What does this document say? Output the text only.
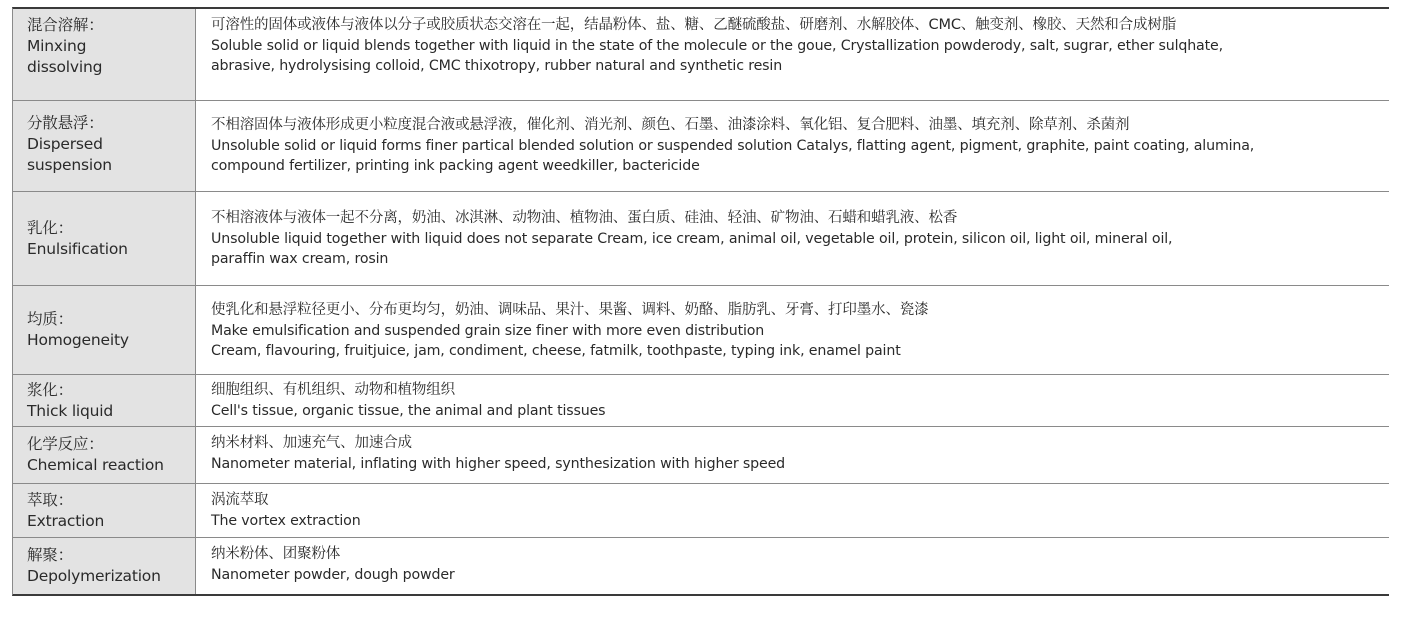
混合溶解：
Minxing
dissolving
可溶性的固体或液体与液体以分子或胶质状态交溶在一起，结晶粉体、盐、糖、乙醚硫酸盐、研磨剂、水解胶体、CMC、触变剂、橡胶、天然和合成树脂
Soluble solid or liquid blends together with liquid in the state of the molecule or the goue, Crystallization powderody, salt, sugrar, ether sulqhate,
abrasive, hydrolysising colloid, CMC thixotropy, rubber natural and synthetic resin
分散悬浮：
Dispersed
suspension
不相溶固体与液体形成更小粒度混合液或悬浮液，催化剂、消光剂、颜色、石墨、油漆涂料、氧化铝、复合肥料、油墨、填充剂、除草剂、杀菌剂
Unsoluble solid or liquid forms finer partical blended solution or suspended solution Catalys, flatting agent, pigment, graphite, paint coating, alumina,
compound fertilizer, printing ink packing agent weedkiller, bactericide
乳化：
Enulsification
不相溶液体与液体一起不分离，奶油、冰淇淋、动物油、植物油、蛋白质、硅油、轻油、矿物油、石蜡和蜡乳液、松香
Unsoluble liquid together with liquid does not separate Cream, ice cream, animal oil, vegetable oil, protein, silicon oil, light oil, mineral oil,
paraffin wax cream, rosin
均质：
Homogeneity
使乳化和悬浮粒径更小、分布更均匀，奶油、调味品、果汁、果酱、调料、奶酪、脂肪乳、牙膏、打印墨水、瓷漆
Make emulsification and suspended grain size finer with more even distribution
Cream, flavouring, fruitjuice, jam, condiment, cheese, fatmilk, toothpaste, typing ink, enamel paint
浆化：
Thick liquid
细胞组织、有机组织、动物和植物组织
Cell's tissue, organic tissue, the animal and plant tissues
化学反应：
Chemical reaction
纳米材料、加速充气、加速合成
Nanometer material, inflating with higher speed, synthesization with higher speed
萃取：
Extraction
涡流萃取
The vortex extraction
解聚：
Depolymerization
纳米粉体、团聚粉体
Nanometer powder, dough powder
